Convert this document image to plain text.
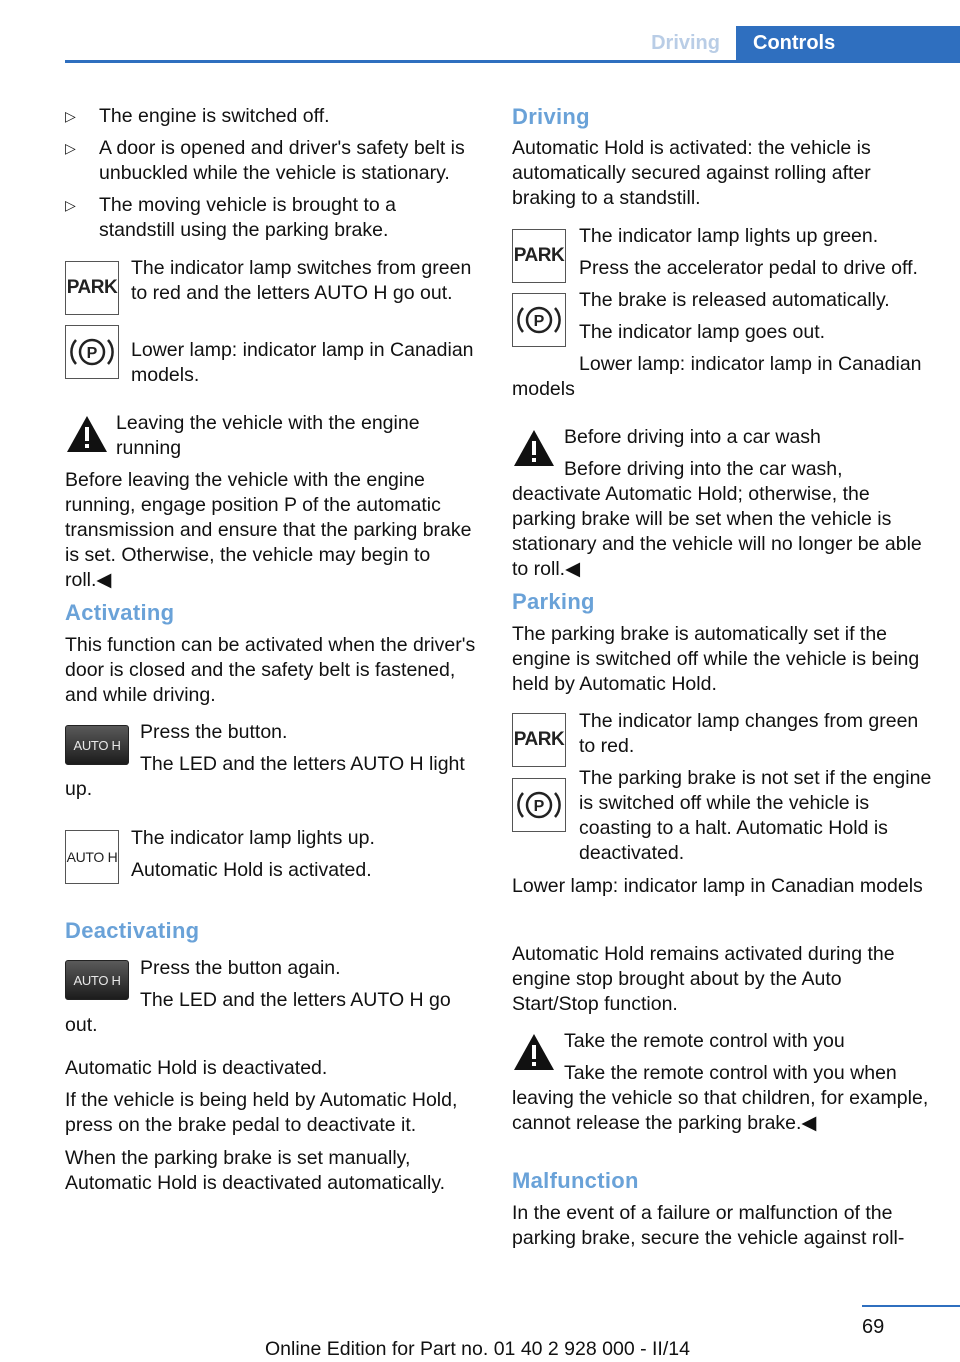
Driving	Controls
▷ The engine is switched off.

▷ A door is opened and driver's safety belt is unbuckled while the vehicle is stationary.

▷ The moving vehicle is brought to a standstill using the parking brake.

PARK

The indicator lamp switches from green to red and the letters AUTO H go out.

P Lower lamp: indicator lamp in Canadian models.

Leaving the vehicle with the engine running

Before leaving the vehicle with the engine running, engage position P of the automatic transmission and ensure that the parking brake is set. Otherwise, the vehicle may begin to roll.◀

Activating

This function can be activated when the driver's door is closed and the safety belt is fastened, and while driving.

AUTO H

Press the button.

The LED and the letters AUTO H light up.

AUTO H

The indicator lamp lights up.

Automatic Hold is activated.

Deactivating
AUTO H

Press the button again.

The LED and the letters AUTO H go out.

Automatic Hold is deactivated.

If the vehicle is being held by Automatic Hold, press on the brake pedal to deactivate it.

When the parking brake is set manually, Automatic Hold is deactivated automatically.

Driving

Automatic Hold is activated: the vehicle is automatically secured against rolling after braking to a standstill.

PARK

The indicator lamp lights up green.

Press the accelerator pedal to drive off.

P

The brake is released automatically.

The indicator lamp goes out.

Lower lamp: indicator lamp in Canadian models

Before driving into a car wash

Before driving into the car wash, deactivate Automatic Hold; otherwise, the parking brake will be set when the vehicle is stationary and the vehicle will no longer be able to roll.◀

Parking

The parking brake is automatically set if the engine is switched off while the vehicle is being held by Automatic Hold.

PARK

The indicator lamp changes from green to red.

P

The parking brake is not set if the engine is switched off while the vehicle is coasting to a halt. Automatic Hold is deactivated.

Lower lamp: indicator lamp in Canadian models

Automatic Hold remains activated during the engine stop brought about by the Auto Start/Stop function.

Take the remote control with you

Take the remote control with you when leaving the vehicle so that children, for example, cannot release the parking brake.◀

Malfunction

In the event of a failure or malfunction of the parking brake, secure the vehicle against roll-

69
Online Edition for Part no. 01 40 2 928 000 - II/14
